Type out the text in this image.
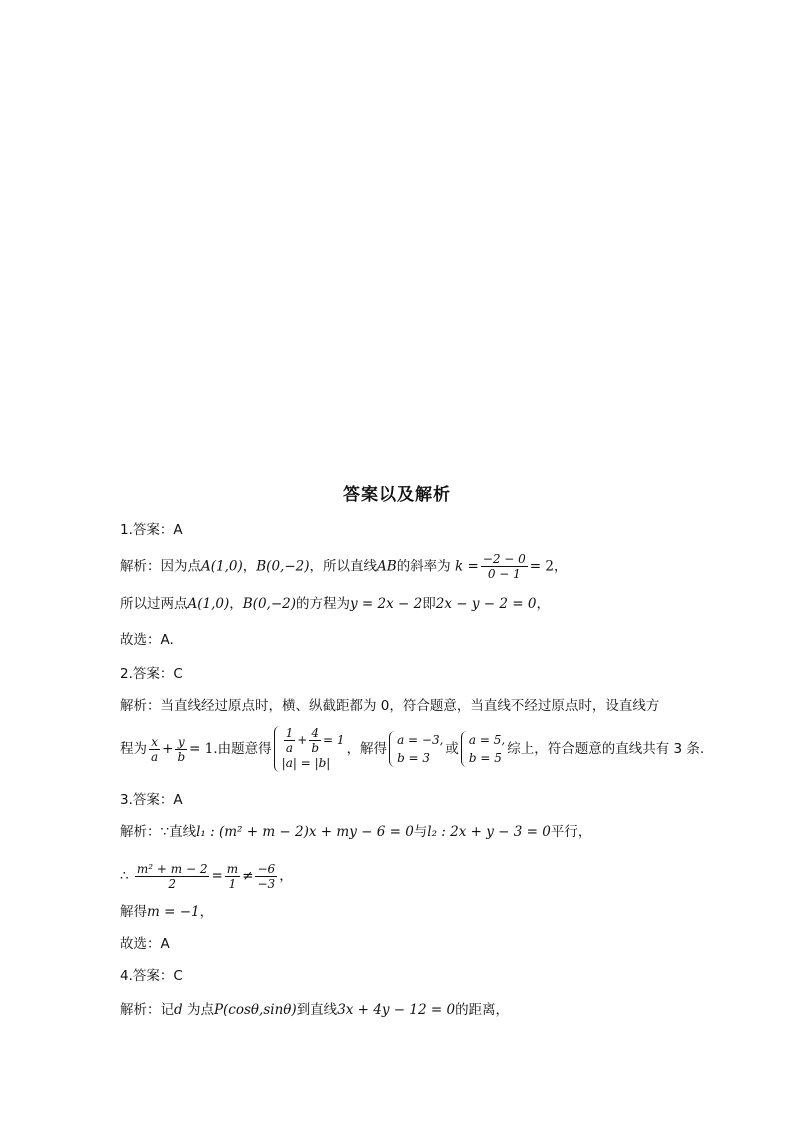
答案以及解析
1.答案：A
解析：因为点A(1,0)，B(0,−2)，所以直线AB的斜率为 $k = \frac{-2 - 0}{0 - 1} = 2$，
所以过两点A(1,0)，B(0,−2)的方程为y = 2x − 2即2x − y − 2 = 0，
故选：A.
2.答案：C
解析：当直线经过原点时，横、纵截距都为 0，符合题意，当直线不经过原点时，设直线方
程为 $\frac{x}{a} + \frac{y}{b} = 1$.由题意得 $\frac{1}{a} + \frac{4}{b} = 1$
|a| = |b|
，解得
a = −3,
b = 3
或
a = 5,
b = 5
综上，符合题意的直线共有 3 条.
3.答案：A
解析：∵直线l₁ : (m² + m − 2)x + my − 6 = 0与l₂ : 2x + y − 3 = 0平行，
∴ $\frac{\text{m² + m − 2}}{2} = \frac{m}{1} \ne \frac{-6}{-3}$ ，
解得m = −1，
故选：A
4.答案：C
解析：记d 为点P(cosθ,sinθ)到直线3x + 4y − 12 = 0的距离，
